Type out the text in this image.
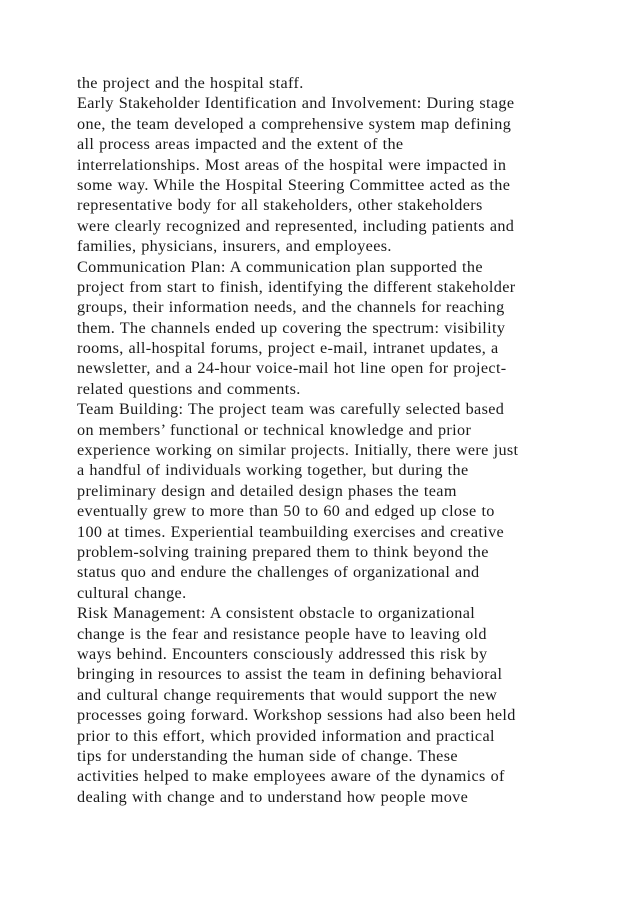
the project and the hospital staff.
Early Stakeholder Identification and Involvement: During stage
one, the team developed a comprehensive system map defining
all process areas impacted and the extent of the
interrelationships. Most areas of the hospital were impacted in
some way. While the Hospital Steering Committee acted as the
representative body for all stakeholders, other stakeholders
were clearly recognized and represented, including patients and
families, physicians, insurers, and employees.
Communication Plan: A communication plan supported the
project from start to finish, identifying the different stakeholder
groups, their information needs, and the channels for reaching
them. The channels ended up covering the spectrum: visibility
rooms, all-hospital forums, project e-mail, intranet updates, a
newsletter, and a 24-hour voice-mail hot line open for project-
related questions and comments.
Team Building: The project team was carefully selected based
on members’ functional or technical knowledge and prior
experience working on similar projects. Initially, there were just
a handful of individuals working together, but during the
preliminary design and detailed design phases the team
eventually grew to more than 50 to 60 and edged up close to
100 at times. Experiential teambuilding exercises and creative
problem-solving training prepared them to think beyond the
status quo and endure the challenges of organizational and
cultural change.
Risk Management: A consistent obstacle to organizational
change is the fear and resistance people have to leaving old
ways behind. Encounters consciously addressed this risk by
bringing in resources to assist the team in defining behavioral
and cultural change requirements that would support the new
processes going forward. Workshop sessions had also been held
prior to this effort, which provided information and practical
tips for understanding the human side of change. These
activities helped to make employees aware of the dynamics of
dealing with change and to understand how people move
